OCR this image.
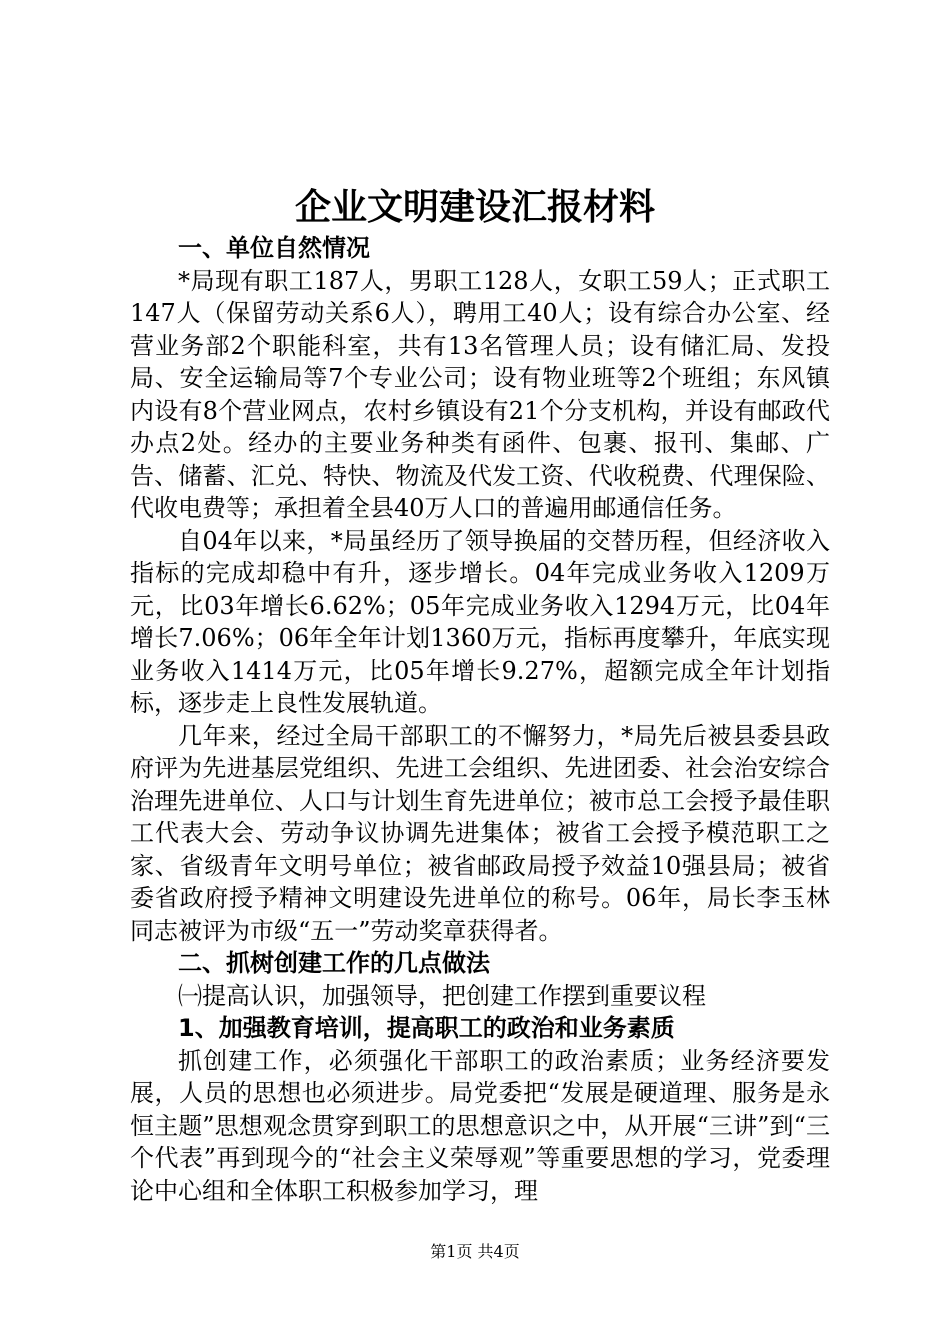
企业文明建设汇报材料
一、单位自然情况
*局现有职工187人，男职工128人，女职工59人；正式职工147人（保留劳动关系6人），聘用工40人；设有综合办公室、经营业务部2个职能科室，共有13名管理人员；设有储汇局、发投局、安全运输局等7个专业公司；设有物业班等2个班组；东风镇内设有8个营业网点，农村乡镇设有21个分支机构，并设有邮政代办点2处。经办的主要业务种类有函件、包裹、报刊、集邮、广告、储蓄、汇兑、特快、物流及代发工资、代收税费、代理保险、代收电费等；承担着全县40万人口的普遍用邮通信任务。
自04年以来，*局虽经历了领导换届的交替历程，但经济收入指标的完成却稳中有升，逐步增长。04年完成业务收入1209万元，比03年增长6.62%；05年完成业务收入1294万元，比04年增长7.06%；06年全年计划1360万元，指标再度攀升，年底实现业务收入1414万元，比05年增长9.27%，超额完成全年计划指标，逐步走上良性发展轨道。
几年来，经过全局干部职工的不懈努力，*局先后被县委县政府评为先进基层党组织、先进工会组织、先进团委、社会治安综合治理先进单位、人口与计划生育先进单位；被市总工会授予最佳职工代表大会、劳动争议协调先进集体；被省工会授予模范职工之家、省级青年文明号单位；被省邮政局授予效益10强县局；被省委省政府授予精神文明建设先进单位的称号。06年，局长李玉林同志被评为市级“五一”劳动奖章获得者。
二、抓树创建工作的几点做法
㈠提高认识，加强领导，把创建工作摆到重要议程
1、加强教育培训，提高职工的政治和业务素质
抓创建工作，必须强化干部职工的政治素质；业务经济要发展，人员的思想也必须进步。局党委把“发展是硬道理、服务是永恒主题”思想观念贯穿到职工的思想意识之中，从开展“三讲”到“三个代表”再到现今的“社会主义荣辱观”等重要思想的学习，党委理论中心组和全体职工积极参加学习，理
第1页 共4页
